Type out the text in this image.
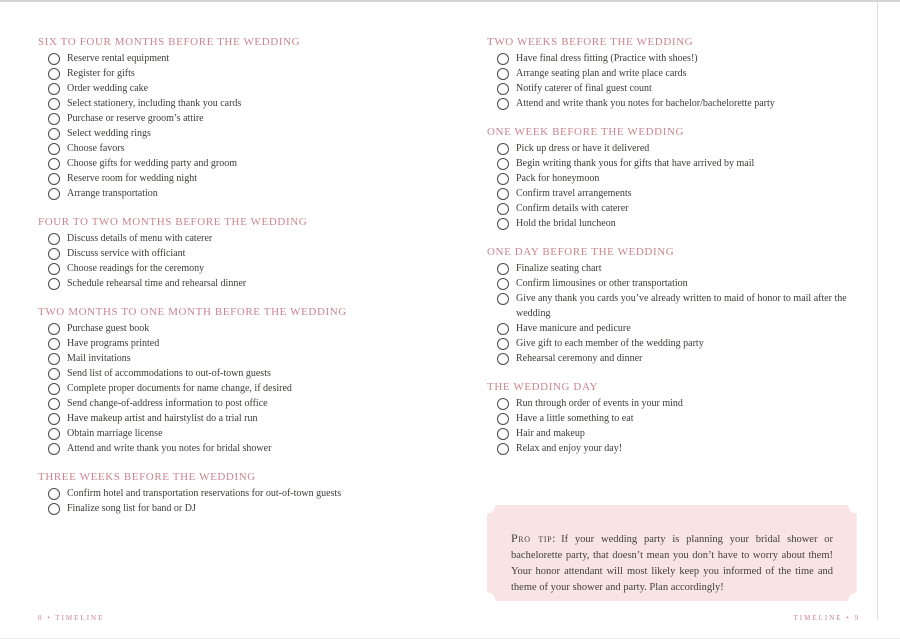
SIX TO FOUR MONTHS BEFORE THE WEDDING
Reserve rental equipment
Register for gifts
Order wedding cake
Select stationery, including thank you cards
Purchase or reserve groom’s attire
Select wedding rings
Choose favors
Choose gifts for wedding party and groom
Reserve room for wedding night
Arrange transportation
FOUR TO TWO MONTHS BEFORE THE WEDDING
Discuss details of menu with caterer
Discuss service with officiant
Choose readings for the ceremony
Schedule rehearsal time and rehearsal dinner
TWO MONTHS TO ONE MONTH BEFORE THE WEDDING
Purchase guest book
Have programs printed
Mail invitations
Send list of accommodations to out-of-town guests
Complete proper documents for name change, if desired
Send change-of-address information to post office
Have makeup artist and hairstylist do a trial run
Obtain marriage license
Attend and write thank you notes for bridal shower
THREE WEEKS BEFORE THE WEDDING
Confirm hotel and transportation reservations for out-of-town guests
Finalize song list for band or DJ
TWO WEEKS BEFORE THE WEDDING
Have final dress fitting (Practice with shoes!)
Arrange seating plan and write place cards
Notify caterer of final guest count
Attend and write thank you notes for bachelor/bachelorette party
ONE WEEK BEFORE THE WEDDING
Pick up dress or have it delivered
Begin writing thank yous for gifts that have arrived by mail
Pack for honeymoon
Confirm travel arrangements
Confirm details with caterer
Hold the bridal luncheon
ONE DAY BEFORE THE WEDDING
Finalize seating chart
Confirm limousines or other transportation
Give any thank you cards you’ve already written to maid of honor to mail after the wedding
Have manicure and pedicure
Give gift to each member of the wedding party
Rehearsal ceremony and dinner
THE WEDDING DAY
Run through order of events in your mind
Have a little something to eat
Hair and makeup
Relax and enjoy your day!

Pro tip: If your wedding party is planning your bridal shower or bachelorette party, that doesn’t mean you don’t have to worry about them! Your honor attendant will most likely keep you informed of the time and theme of your shower and party. Plan accordingly!

8 • TIMELINE	TIMELINE • 9
